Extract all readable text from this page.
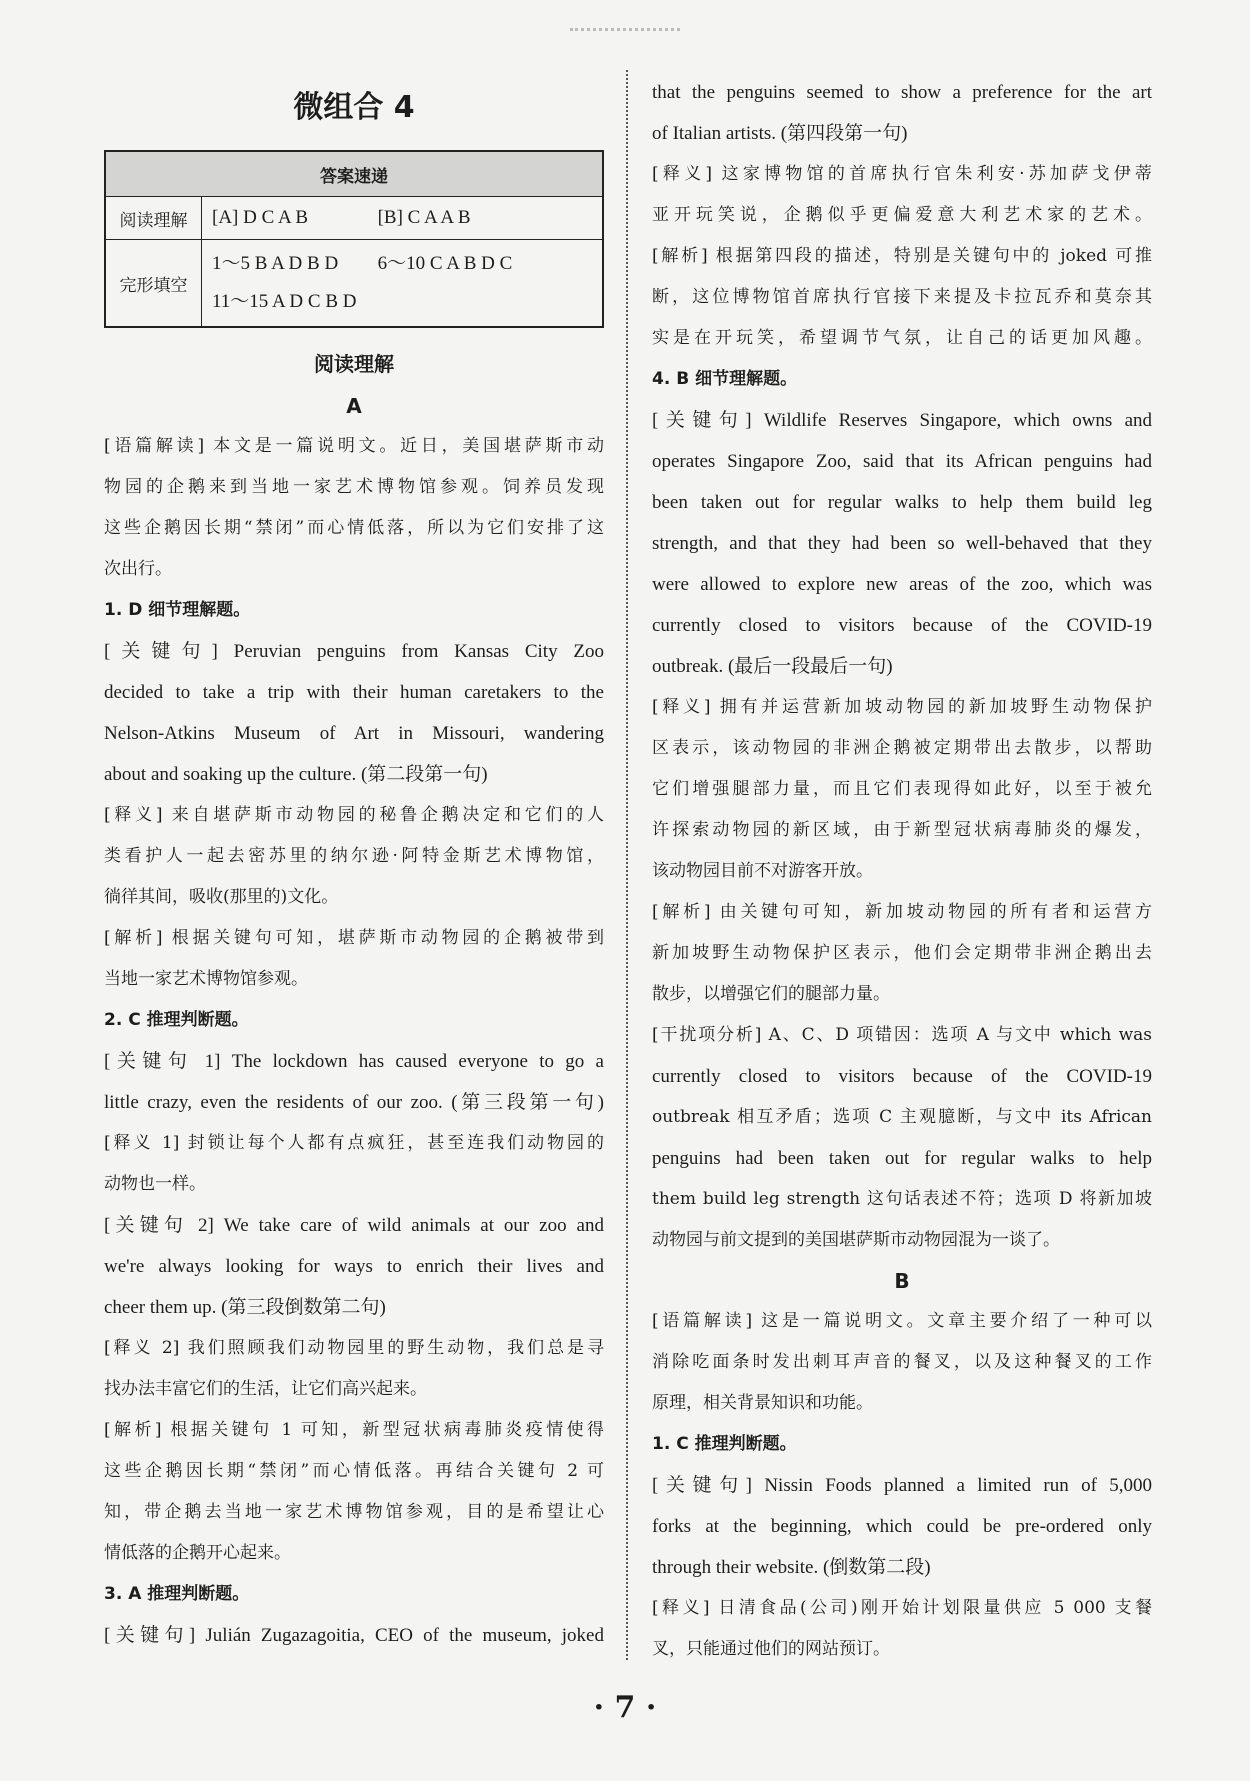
微组合 4
答案速递	
阅读理解	[A] D C A B [B] C A A B
完形填空	1～5 B A D B D 6～10 C A B D C
11～15 A D C B D
阅读理解
A

[语篇解读] 本文是一篇说明文。近日，美国堪萨斯市动

物园的企鹅来到当地一家艺术博物馆参观。饲养员发现

这些企鹅因长期“禁闭”而心情低落，所以为它们安排了这

次出行。

1. D 细节理解题。

[关键句] Peruvian penguins from Kansas City Zoo

decided to take a trip with their human caretakers to the

Nelson-Atkins Museum of Art in Missouri, wandering

about and soaking up the culture. (第二段第一句)

[释义] 来自堪萨斯市动物园的秘鲁企鹅决定和它们的人

类看护人一起去密苏里的纳尔逊·阿特金斯艺术博物馆，

徜徉其间，吸收(那里的)文化。

[解析] 根据关键句可知，堪萨斯市动物园的企鹅被带到

当地一家艺术博物馆参观。

2. C 推理判断题。

[关键句 1] The lockdown has caused everyone to go a

little crazy, even the residents of our zoo. (第三段第一句)

[释义 1] 封锁让每个人都有点疯狂，甚至连我们动物园的

动物也一样。

[关键句 2] We take care of wild animals at our zoo and

we're always looking for ways to enrich their lives and

cheer them up. (第三段倒数第二句)

[释义 2] 我们照顾我们动物园里的野生动物，我们总是寻

找办法丰富它们的生活，让它们高兴起来。

[解析] 根据关键句 1 可知，新型冠状病毒肺炎疫情使得

这些企鹅因长期“禁闭”而心情低落。再结合关键句 2 可

知，带企鹅去当地一家艺术博物馆参观，目的是希望让心

情低落的企鹅开心起来。

3. A 推理判断题。

[关键句] Julián Zugazagoitia, CEO of the museum, joked

that the penguins seemed to show a preference for the art

of Italian artists. (第四段第一句)

[释义] 这家博物馆的首席执行官朱利安·苏加萨戈伊蒂

亚开玩笑说，企鹅似乎更偏爱意大利艺术家的艺术。

[解析] 根据第四段的描述，特别是关键句中的 joked 可推

断，这位博物馆首席执行官接下来提及卡拉瓦乔和莫奈其

实是在开玩笑，希望调节气氛，让自己的话更加风趣。

4. B 细节理解题。

[关键句] Wildlife Reserves Singapore, which owns and

operates Singapore Zoo, said that its African penguins had

been taken out for regular walks to help them build leg

strength, and that they had been so well-behaved that they

were allowed to explore new areas of the zoo, which was

currently closed to visitors because of the COVID-19

outbreak. (最后一段最后一句)

[释义] 拥有并运营新加坡动物园的新加坡野生动物保护

区表示，该动物园的非洲企鹅被定期带出去散步，以帮助

它们增强腿部力量，而且它们表现得如此好，以至于被允

许探索动物园的新区域，由于新型冠状病毒肺炎的爆发，

该动物园目前不对游客开放。

[解析] 由关键句可知，新加坡动物园的所有者和运营方

新加坡野生动物保护区表示，他们会定期带非洲企鹅出去

散步，以增强它们的腿部力量。

[干扰项分析] A、C、D 项错因：选项 A 与文中 which was

currently closed to visitors because of the COVID-19

outbreak 相互矛盾；选项 C 主观臆断，与文中 its African

penguins had been taken out for regular walks to help

them build leg strength 这句话表述不符；选项 D 将新加坡

动物园与前文提到的美国堪萨斯市动物园混为一谈了。

B

[语篇解读] 这是一篇说明文。文章主要介绍了一种可以

消除吃面条时发出刺耳声音的餐叉，以及这种餐叉的工作

原理，相关背景知识和功能。

1. C 推理判断题。

[关键句] Nissin Foods planned a limited run of 5,000

forks at the beginning, which could be pre-ordered only

through their website. (倒数第二段)

[释义] 日清食品(公司)刚开始计划限量供应 5 000 支餐

叉，只能通过他们的网站预订。

· 7 ·
